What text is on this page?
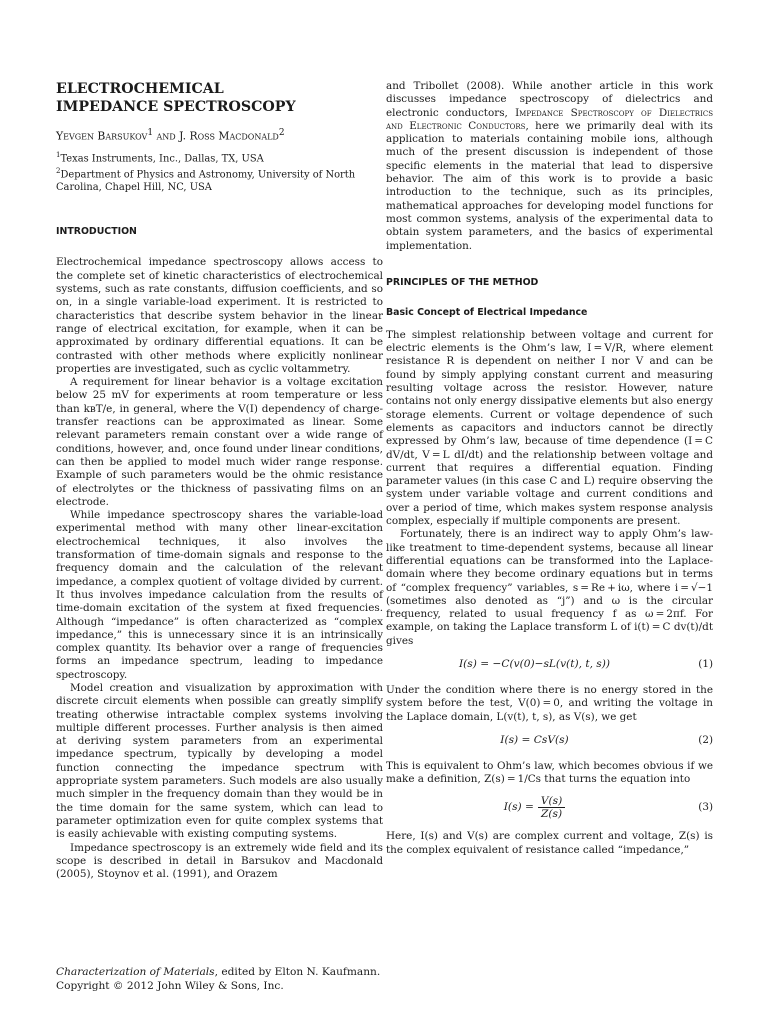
ELECTROCHEMICAL IMPEDANCE SPECTROSCOPY
Yevgen Barsukov$^1$ and J. Ross Macdonald$^2$

$^1$Texas Instruments, Inc., Dallas, TX, USA

$^2$Department of Physics and Astronomy, University of North Carolina, Chapel Hill, NC, USA

INTRODUCTION

Electrochemical impedance spectroscopy allows access to the complete set of kinetic characteristics of electrochemical systems, such as rate constants, diffusion coefficients, and so on, in a single variable-load experiment. It is restricted to characteristics that describe system behavior in the linear range of electrical excitation, for example, when it can be approximated by ordinary differential equations. It can be contrasted with other methods where explicitly nonlinear properties are investigated, such as cyclic voltammetry.

A requirement for linear behavior is a voltage excitation below 25 mV for experiments at room temperature or less than kʙT/e, in general, where the V(I) dependency of charge-transfer reactions can be approximated as linear. Some relevant parameters remain constant over a wide range of conditions, however, and, once found under linear conditions, can then be applied to model much wider range response. Example of such parameters would be the ohmic resistance of electrolytes or the thickness of passivating films on an electrode.

While impedance spectroscopy shares the variable-load experimental method with many other linear-excitation electrochemical techniques, it also involves the transformation of time-domain signals and response to the frequency domain and the calculation of the relevant impedance, a complex quotient of voltage divided by current. It thus involves impedance calculation from the results of time-domain excitation of the system at fixed frequencies. Although “impedance” is often characterized as “complex impedance,” this is unnecessary since it is an intrinsically complex quantity. Its behavior over a range of frequencies forms an impedance spectrum, leading to impedance spectroscopy.

Model creation and visualization by approximation with discrete circuit elements when possible can greatly simplify treating otherwise intractable complex systems involving multiple different processes. Further analysis is then aimed at deriving system parameters from an experimental impedance spectrum, typically by developing a model function connecting the impedance spectrum with appropriate system parameters. Such models are also usually much simpler in the frequency domain than they would be in the time domain for the same system, which can lead to parameter optimization even for quite complex systems that is easily achievable with existing computing systems.

Impedance spectroscopy is an extremely wide field and its scope is described in detail in Barsukov and Macdonald (2005), Stoynov et al. (1991), and Orazem

and Tribollet (2008). While another article in this work discusses impedance spectroscopy of dielectrics and electronic conductors, Impedance Spectroscopy of Dielectrics and Electronic Conductors, here we primarily deal with its application to materials containing mobile ions, although much of the present discussion is independent of those specific elements in the material that lead to dispersive behavior. The aim of this work is to provide a basic introduction to the technique, such as its principles, mathematical approaches for developing model functions for most common systems, analysis of the experimental data to obtain system parameters, and the basics of experimental implementation.

PRINCIPLES OF THE METHOD
Basic Concept of Electrical Impedance

The simplest relationship between voltage and current for electric elements is the Ohm’s law, I = V/R, where element resistance R is dependent on neither I nor V and can be found by simply applying constant current and measuring resulting voltage across the resistor. However, nature contains not only energy dissipative elements but also energy storage elements. Current or voltage dependence of such elements as capacitors and inductors cannot be directly expressed by Ohm’s law, because of time dependence (I = C dV/dt, V = L dI/dt) and the relationship between voltage and current that requires a differential equation. Finding parameter values (in this case C and L) require observing the system under variable voltage and current conditions and over a period of time, which makes system response analysis complex, especially if multiple components are present.

Fortunately, there is an indirect way to apply Ohm’s law-like treatment to time-dependent systems, because all linear differential equations can be transformed into the Laplace-domain where they become ordinary equations but in terms of “complex frequency” variables, s = Re + iω, where i = √−1 (sometimes also denoted as “j”) and ω is the circular frequency, related to usual frequency f as ω = 2πf. For example, on taking the Laplace transform L of i(t) = C dv(t)/dt gives

I(s) = −C(v(0)−sL(v(t), t, s))	(1)

Under the condition where there is no energy stored in the system before the test, V(0) = 0, and writing the voltage in the Laplace domain, L(v(t), t, s), as V(s), we get

I(s) = CsV(s)	(2)

This is equivalent to Ohm’s law, which becomes obvious if we make a definition, Z(s) = 1/Cs that turns the equation into

$I(s) = \frac{V(s)}{Z(s)}$	(3)

Here, I(s) and V(s) are complex current and voltage, Z(s) is the complex equivalent of resistance called “impedance,”

Characterization of Materials, edited by Elton N. Kaufmann.
Copyright © 2012 John Wiley & Sons, Inc.
